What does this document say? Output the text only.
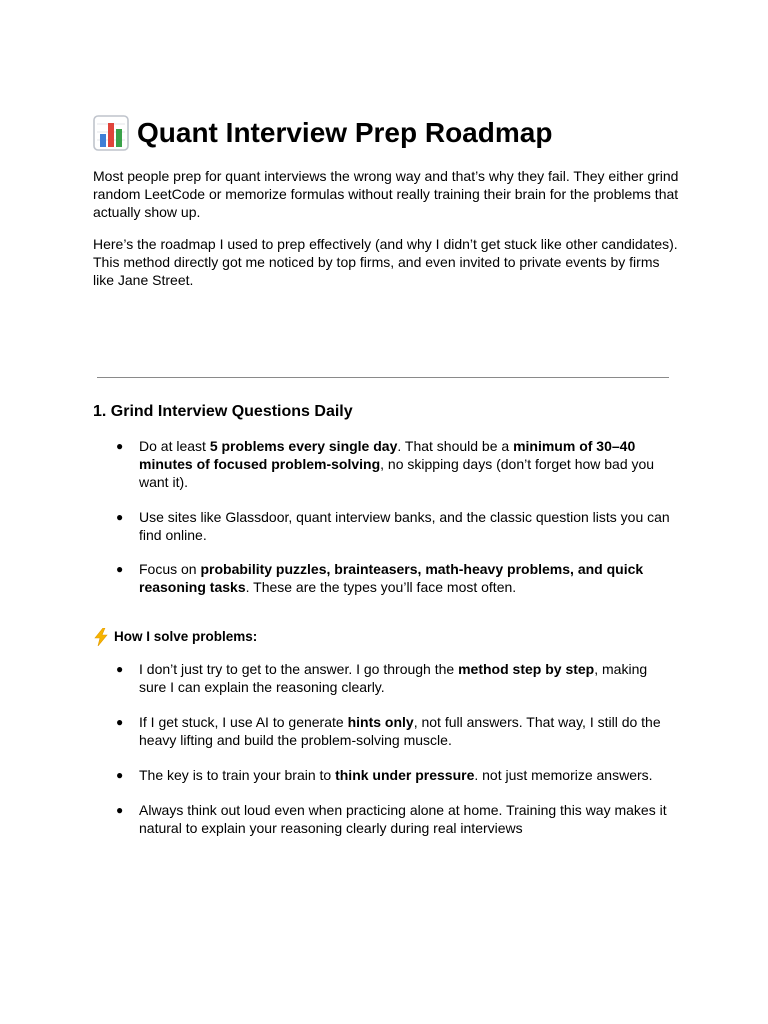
Quant Interview Prep Roadmap

Most people prep for quant interviews the wrong way and that’s why they fail. They either grind random LeetCode or memorize formulas without really training their brain for the problems that actually show up.

Here’s the roadmap I used to prep effectively (and why I didn’t get stuck like other candidates). This method directly got me noticed by top firms, and even invited to private events by firms like Jane Street.

1. Grind Interview Questions Daily
● Do at least 5 problems every single day. That should be a minimum of 30–40 minutes of focused problem-solving, no skipping days (don’t forget how bad you want it).
● Use sites like Glassdoor, quant interview banks, and the classic question lists you can find online.
● Focus on probability puzzles, brainteasers, math-heavy problems, and quick reasoning tasks. These are the types you’ll face most often.
How I solve problems:
● I don’t just try to get to the answer. I go through the method step by step, making sure I can explain the reasoning clearly.
● If I get stuck, I use AI to generate hints only, not full answers. That way, I still do the heavy lifting and build the problem-solving muscle.
● The key is to train your brain to think under pressure. not just memorize answers.
● Always think out loud even when practicing alone at home. Training this way makes it natural to explain your reasoning clearly during real interviews
